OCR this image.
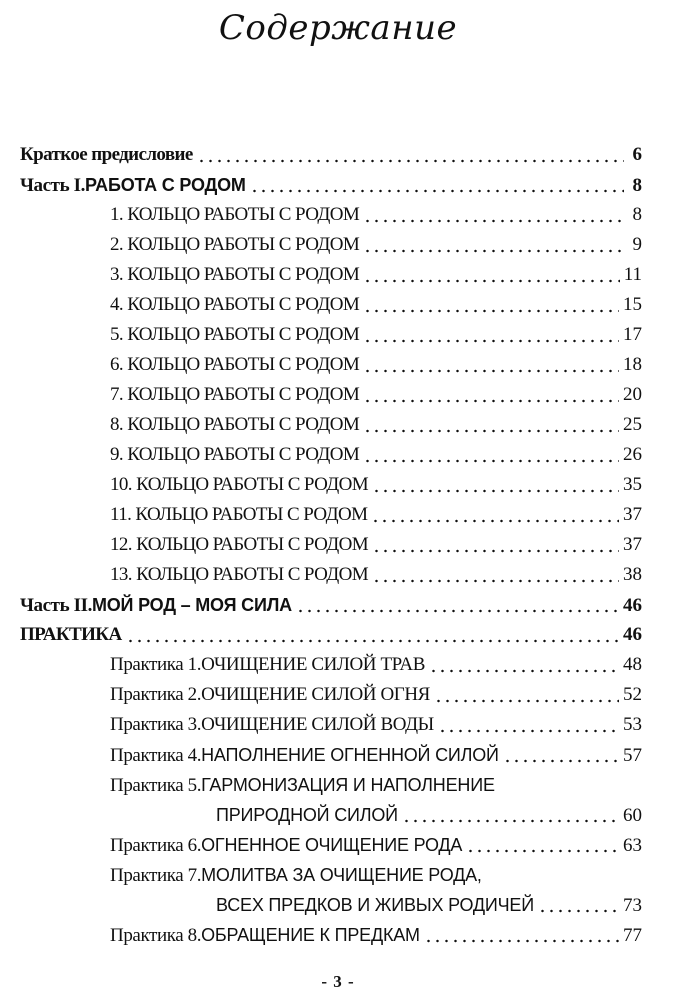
Содержание
Краткое предисловие	6
Часть I. РАБОТА С РОДОМ	8
1. КОЛЬЦО РАБОТЫ С РОДОМ	8
2. КОЛЬЦО РАБОТЫ С РОДОМ	9
3. КОЛЬЦО РАБОТЫ С РОДОМ	11
4. КОЛЬЦО РАБОТЫ С РОДОМ	15
5. КОЛЬЦО РАБОТЫ С РОДОМ	17
6. КОЛЬЦО РАБОТЫ С РОДОМ	18
7. КОЛЬЦО РАБОТЫ С РОДОМ	20
8. КОЛЬЦО РАБОТЫ С РОДОМ	25
9. КОЛЬЦО РАБОТЫ С РОДОМ	26
10. КОЛЬЦО РАБОТЫ С РОДОМ	35
11. КОЛЬЦО РАБОТЫ С РОДОМ	37
12. КОЛЬЦО РАБОТЫ С РОДОМ	37
13. КОЛЬЦО РАБОТЫ С РОДОМ	38
Часть II. МОЙ РОД – МОЯ СИЛА	46
ПРАКТИКА	46
Практика 1. ОЧИЩЕНИЕ СИЛОЙ ТРАВ	48
Практика 2. ОЧИЩЕНИЕ СИЛОЙ ОГНЯ	52
Практика 3. ОЧИЩЕНИЕ СИЛОЙ ВОДЫ	53
Практика 4. НАПОЛНЕНИЕ ОГНЕННОЙ СИЛОЙ	57
Практика 5. ГАРМОНИЗАЦИЯ И НАПОЛНЕНИЕ
ПРИРОДНОЙ СИЛОЙ	60
Практика 6. ОГНЕННОЕ ОЧИЩЕНИЕ РОДА	63
Практика 7. МОЛИТВА ЗА ОЧИЩЕНИЕ РОДА,
ВСЕХ ПРЕДКОВ И ЖИВЫХ РОДИЧЕЙ	73
Практика 8. ОБРАЩЕНИЕ К ПРЕДКАМ	77
- 3 -
